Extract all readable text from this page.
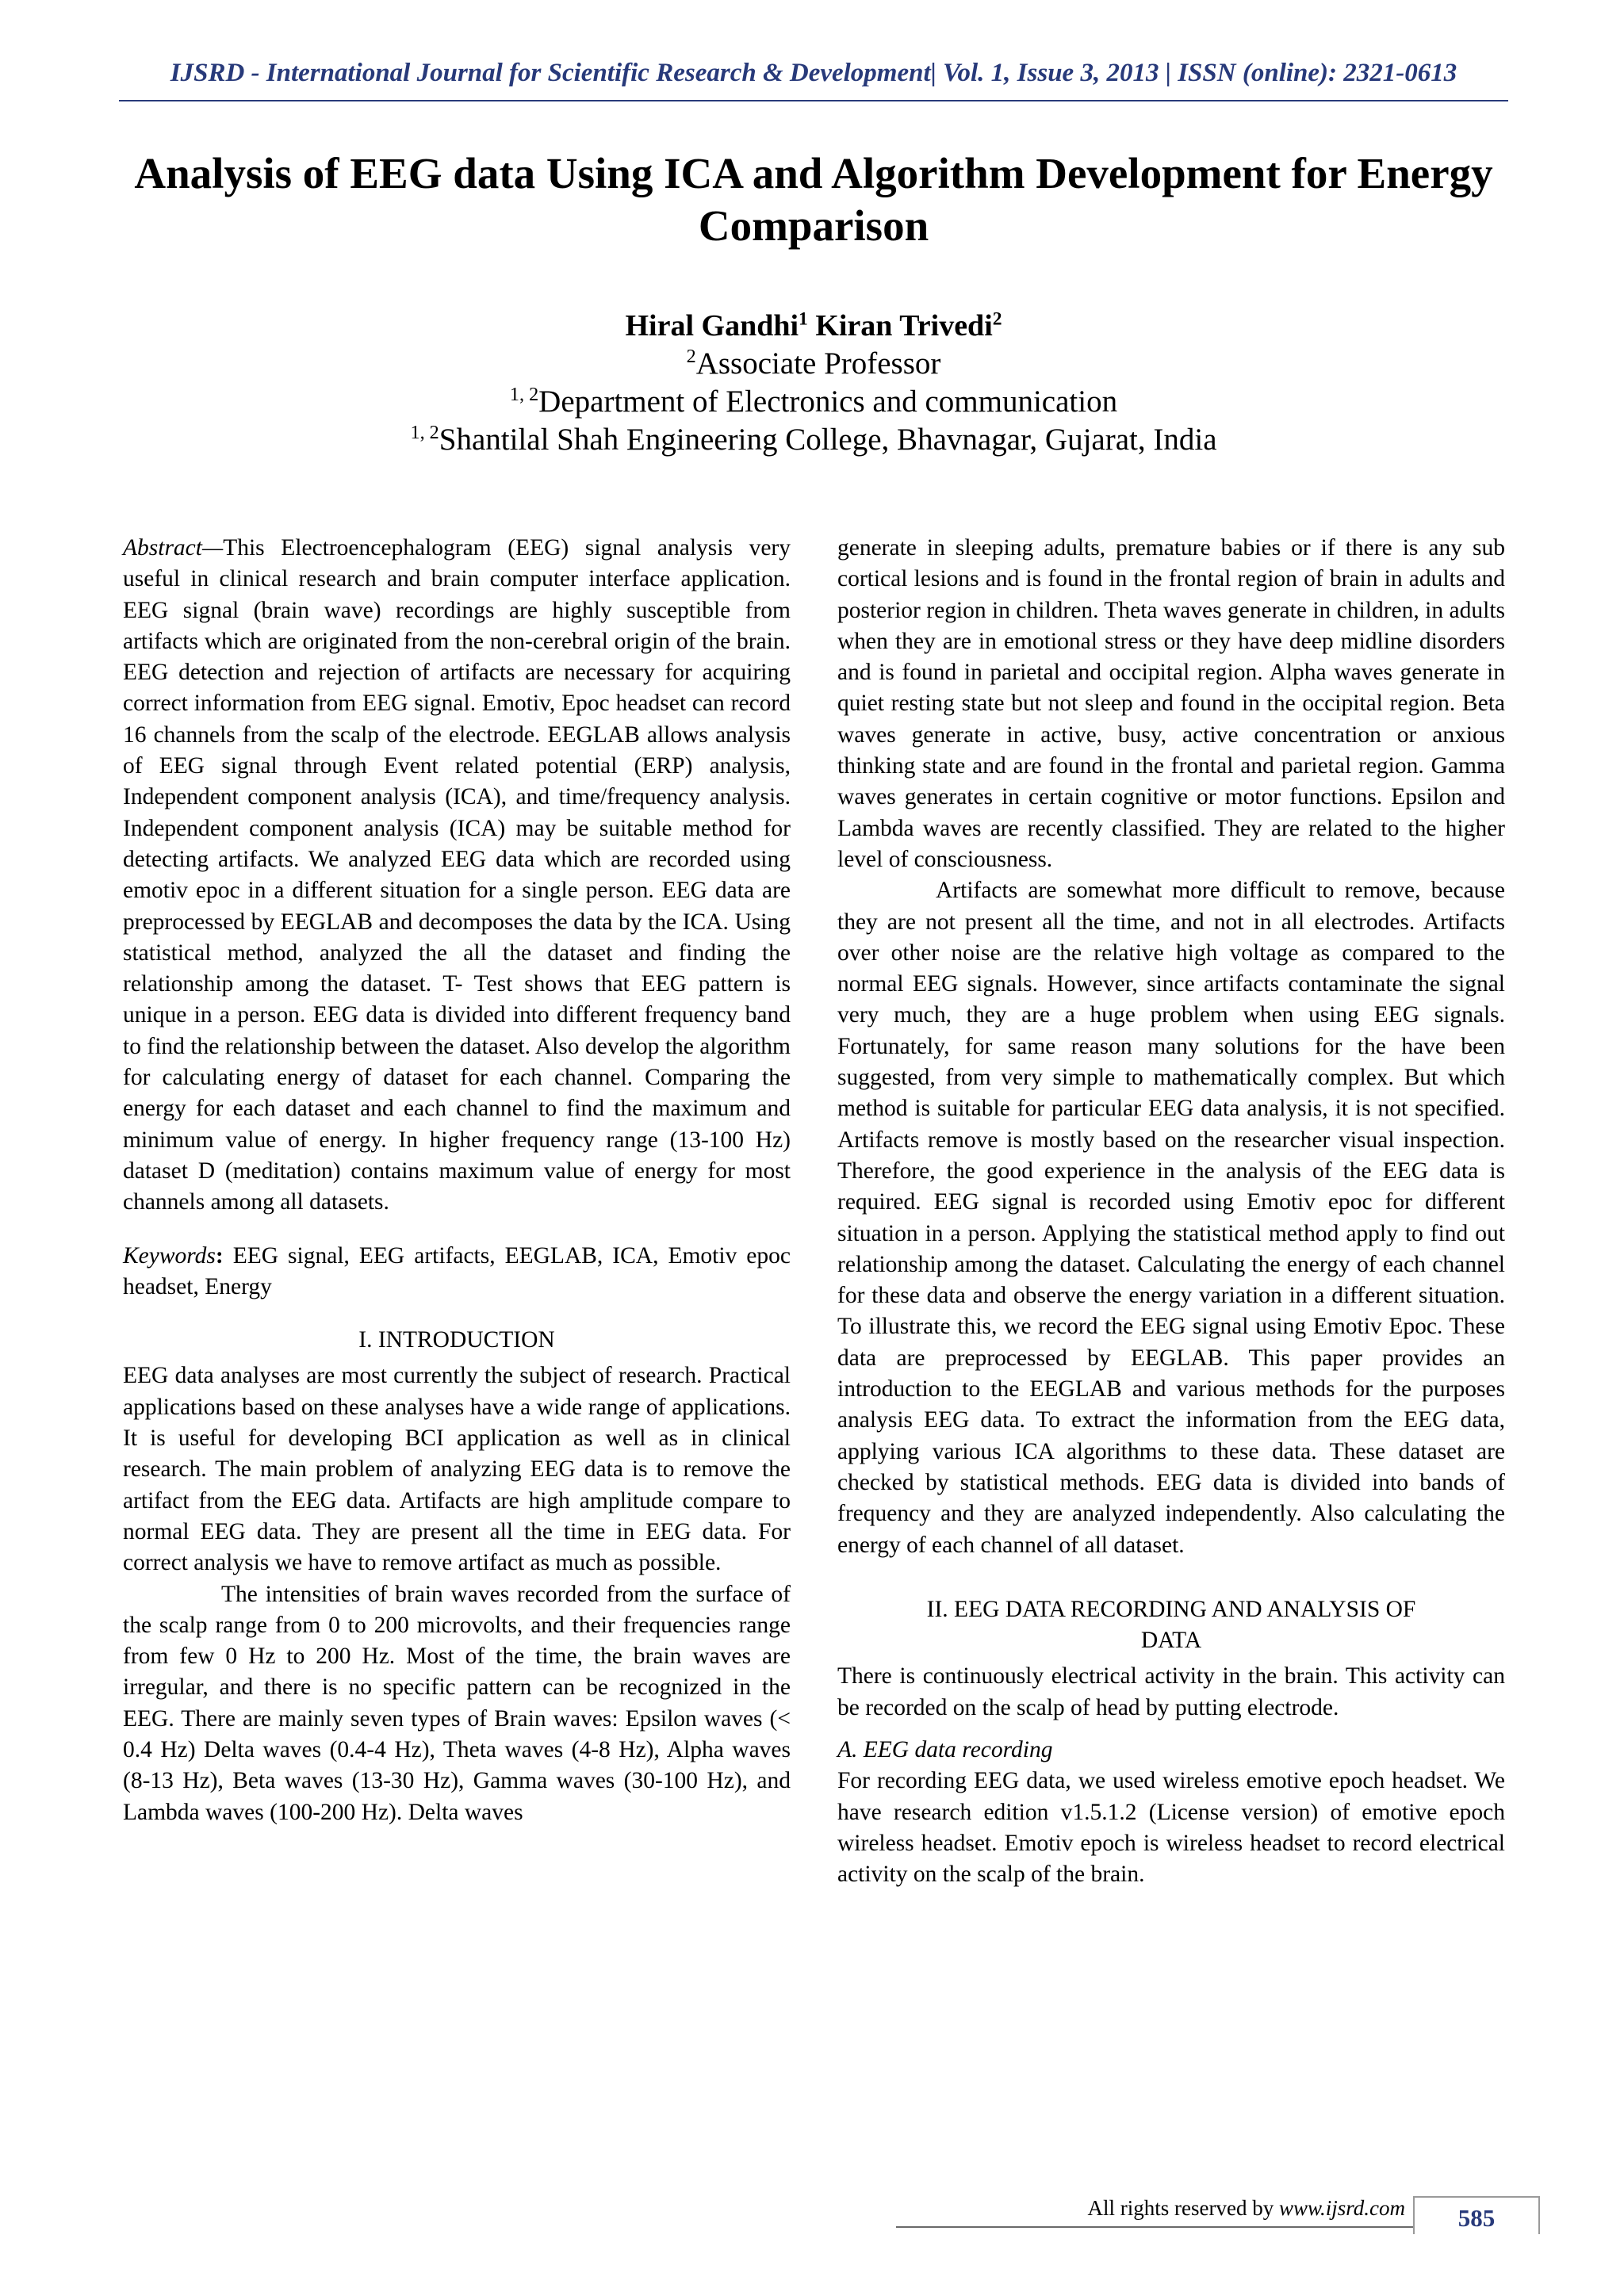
IJSRD - International Journal for Scientific Research & Development| Vol. 1, Issue 3, 2013 | ISSN (online): 2321-0613
Analysis of EEG data Using ICA and Algorithm Development for Energy
Comparison
Hiral Gandhi$^1$ Kiran Trivedi$^2$
$^2$Associate Professor
$^{1, 2}$Department of Electronics and communication
$^{1, 2}$Shantilal Shah Engineering College, Bhavnagar, Gujarat, India

Abstract—This Electroencephalogram (EEG) signal analysis very useful in clinical research and brain computer interface application. EEG signal (brain wave) recordings are highly susceptible from artifacts which are originated from the non-cerebral origin of the brain. EEG detection and rejection of artifacts are necessary for acquiring correct information from EEG signal. Emotiv, Epoc headset can record 16 channels from the scalp of the electrode. EEGLAB allows analysis of EEG signal through Event related potential (ERP) analysis, Independent component analysis (ICA), and time/frequency analysis. Independent component analysis (ICA) may be suitable method for detecting artifacts. We analyzed EEG data which are recorded using emotiv epoc in a different situation for a single person. EEG data are preprocessed by EEGLAB and decomposes the data by the ICA. Using statistical method, analyzed the all the dataset and finding the relationship among the dataset. T- Test shows that EEG pattern is unique in a person. EEG data is divided into different frequency band to find the relationship between the dataset. Also develop the algorithm for calculating energy of dataset for each channel. Comparing the energy for each dataset and each channel to find the maximum and minimum value of energy. In higher frequency range (13-100 Hz) dataset D (meditation) contains maximum value of energy for most channels among all datasets.

Keywords: EEG signal, EEG artifacts, EEGLAB, ICA, Emotiv epoc headset, Energy

I. INTRODUCTION

EEG data analyses are most currently the subject of research. Practical applications based on these analyses have a wide range of applications. It is useful for developing BCI application as well as in clinical research. The main problem of analyzing EEG data is to remove the artifact from the EEG data. Artifacts are high amplitude compare to normal EEG data. They are present all the time in EEG data. For correct analysis we have to remove artifact as much as possible.

The intensities of brain waves recorded from the surface of the scalp range from 0 to 200 microvolts, and their frequencies range from few 0 Hz to 200 Hz. Most of the time, the brain waves are irregular, and there is no specific pattern can be recognized in the EEG. There are mainly seven types of Brain waves: Epsilon waves (< 0.4 Hz) Delta waves (0.4-4 Hz), Theta waves (4-8 Hz), Alpha waves (8-13 Hz), Beta waves (13-30 Hz), Gamma waves (30-100 Hz), and Lambda waves (100-200 Hz). Delta waves

generate in sleeping adults, premature babies or if there is any sub cortical lesions and is found in the frontal region of brain in adults and posterior region in children. Theta waves generate in children, in adults when they are in emotional stress or they have deep midline disorders and is found in parietal and occipital region. Alpha waves generate in quiet resting state but not sleep and found in the occipital region. Beta waves generate in active, busy, active concentration or anxious thinking state and are found in the frontal and parietal region. Gamma waves generates in certain cognitive or motor functions. Epsilon and Lambda waves are recently classified. They are related to the higher level of consciousness.

Artifacts are somewhat more difficult to remove, because they are not present all the time, and not in all electrodes. Artifacts over other noise are the relative high voltage as compared to the normal EEG signals. However, since artifacts contaminate the signal very much, they are a huge problem when using EEG signals. Fortunately, for same reason many solutions for the have been suggested, from very simple to mathematically complex. But which method is suitable for particular EEG data analysis, it is not specified. Artifacts remove is mostly based on the researcher visual inspection. Therefore, the good experience in the analysis of the EEG data is required. EEG signal is recorded using Emotiv epoc for different situation in a person. Applying the statistical method apply to find out relationship among the dataset. Calculating the energy of each channel for these data and observe the energy variation in a different situation. To illustrate this, we record the EEG signal using Emotiv Epoc. These data are preprocessed by EEGLAB. This paper provides an introduction to the EEGLAB and various methods for the purposes analysis EEG data. To extract the information from the EEG data, applying various ICA algorithms to these data. These dataset are checked by statistical methods. EEG data is divided into bands of frequency and they are analyzed independently. Also calculating the energy of each channel of all dataset.

II. EEG DATA RECORDING AND ANALYSIS OF
DATA

There is continuously electrical activity in the brain. This activity can be recorded on the scalp of head by putting electrode.

A. EEG data recording

For recording EEG data, we used wireless emotive epoch headset. We have research edition v1.5.1.2 (License version) of emotive epoch wireless headset. Emotiv epoch is wireless headset to record electrical activity on the scalp of the brain.

All rights reserved by www.ijsrd.com	585
